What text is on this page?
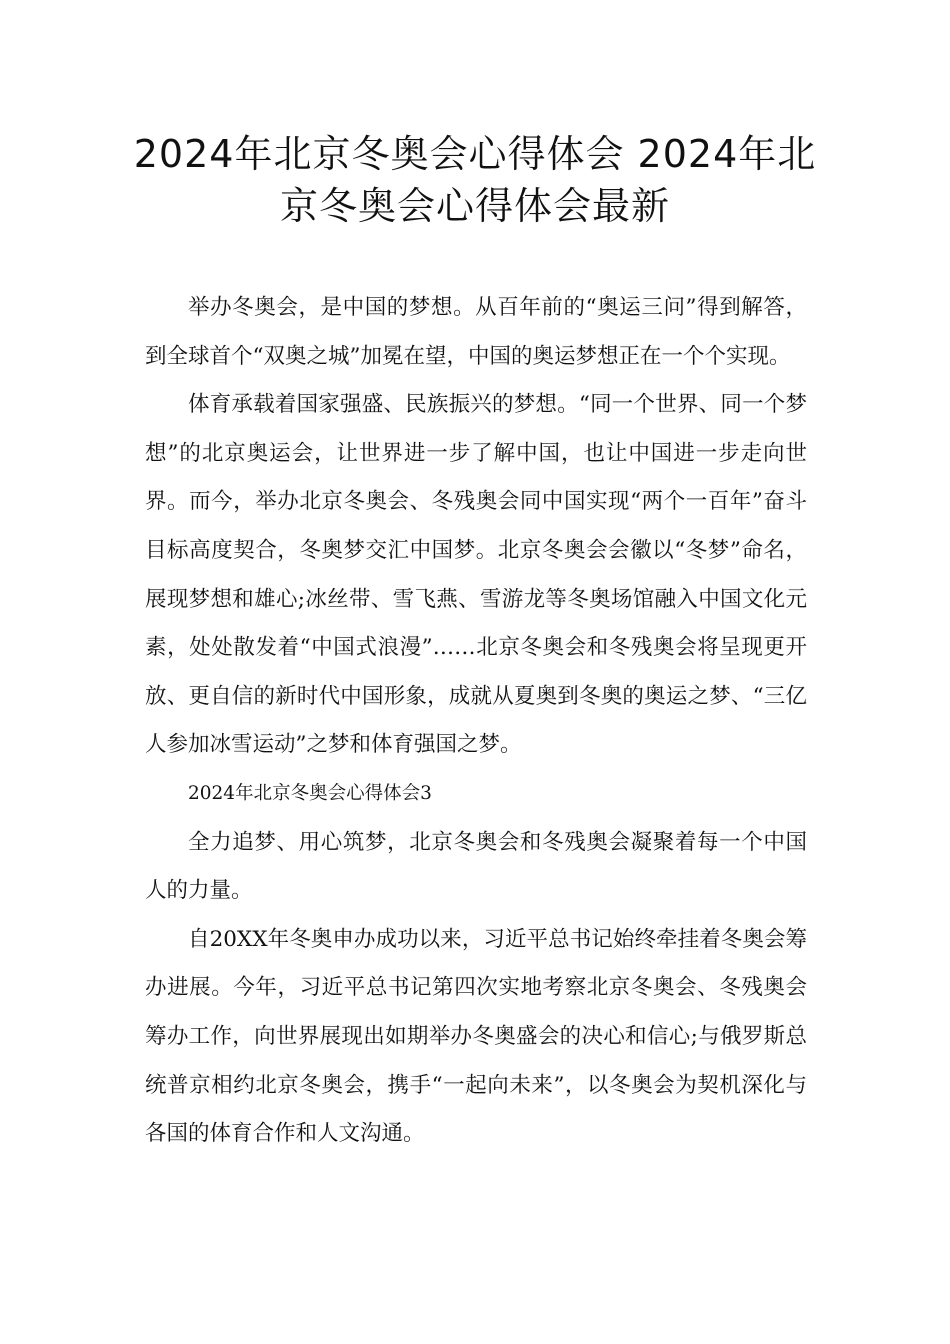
2024年北京冬奥会心得体会 2024年北京冬奥会心得体会最新

举办冬奥会，是中国的梦想。从百年前的“奥运三问”得到解答，到全球首个“双奥之城”加冕在望，中国的奥运梦想正在一个个实现。

体育承载着国家强盛、民族振兴的梦想。“同一个世界、同一个梦想”的北京奥运会，让世界进一步了解中国，也让中国进一步走向世界。而今，举办北京冬奥会、冬残奥会同中国实现“两个一百年”奋斗目标高度契合，冬奥梦交汇中国梦。北京冬奥会会徽以“冬梦”命名，展现梦想和雄心;冰丝带、雪飞燕、雪游龙等冬奥场馆融入中国文化元素，处处散发着“中国式浪漫”……北京冬奥会和冬残奥会将呈现更开放、更自信的新时代中国形象，成就从夏奥到冬奥的奥运之梦、“三亿人参加冰雪运动”之梦和体育强国之梦。

2024年北京冬奥会心得体会3

全力追梦、用心筑梦，北京冬奥会和冬残奥会凝聚着每一个中国人的力量。

自20XX年冬奥申办成功以来，习近平总书记始终牵挂着冬奥会筹办进展。今年，习近平总书记第四次实地考察北京冬奥会、冬残奥会筹办工作，向世界展现出如期举办冬奥盛会的决心和信心;与俄罗斯总统普京相约北京冬奥会，携手“一起向未来”，以冬奥会为契机深化与各国的体育合作和人文沟通。
